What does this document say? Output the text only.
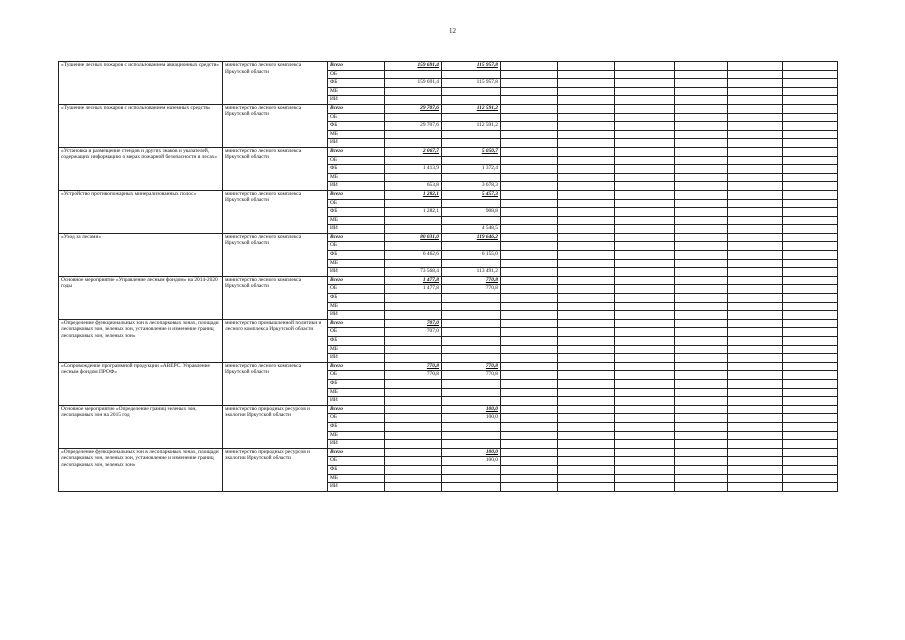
12
«Тушение лесных пожаров с использованием авиационных средств»	министерство лесного комплекса Иркутской области	Всего	159 691,4	115 957,8						
		ОБ								
		ФБ	159 691,4	115 957,8						
		МБ								
		ИИ								
«Тушение лесных пожаров с использованием наземных средств»	министерство лесного комплекса Иркутской области	Всего	29 707,6	112 591,2						
		ОБ								
		ФБ	29 707,6	112 591,2						
		МБ								
		ИИ								
«Установка и размещение стендов и других знаков и указателей, содержащих информацию о мерах пожарной безопасности в лесах»	министерство лесного комплекса Иркутской области	Всего	2 067,7	5 050,7						
		ОБ								
		ФБ	1 413,9	1 372,4						
		МБ								
		ИИ	653,8	3 678,3						
«Устройство противопожарных минерализованных полос»	министерство лесного комплекса Иркутской области	Всего	1 282,1	5 457,3						
		ОБ								
		ФБ	1 282,1	908,8						
		МБ								
		ИИ		4 548,5						
«Уход за лесами»	министерство лесного комплекса Иркутской области	Всего	80 031,0	119 646,2						
		ОБ								
		ФБ	6 462,6	6 155,0						
		МБ								
		ИИ	73 568,4	113 491,2						
Основное мероприятие «Управление лесным фондом» на 2014-2020 годы	министерство лесного комплекса Иркутской области	Всего	1 477,8	770,8						
		ОБ	1 477,8	770,8						
		ФБ								
		МБ								
		ИИ								
«Определение функциональных зон в лесопарковых зонах, площади лесопарковых зон, зеленых зон, установление и изменение границ лесопарковых зон, зеленых зон»	министерство промышленной политики и лесного комплекса Иркутской области	Всего	707,0							
		ОБ	707,0							
		ФБ								
		МБ								
		ИИ								
«Сопровождение программной продукции «АВЕРС. Управление лесным фондом ПРОФ»	министерство лесного комплекса Иркутской области	Всего	770,8	770,8						
		ОБ	770,8	770,8						
		ФБ								
		МБ								
		ИИ								
Основное мероприятие «Определение границ зеленых зон, лесопарковых зон на 2015 год	министерство природных ресурсов и экологии Иркутской области	Всего		100,0						
		ОБ		100,0						
		ФБ								
		МБ								
		ИИ								
«Определение функциональных зон в лесопарковых зонах, площади лесопарковых зон, зеленых зон, установление и изменение границ лесопарковых зон, зеленых зон»	министерство природных ресурсов и экологии Иркутской области	Всего		100,0						
		ОБ		100,0						
		ФБ								
		МБ								
		ИИ								
